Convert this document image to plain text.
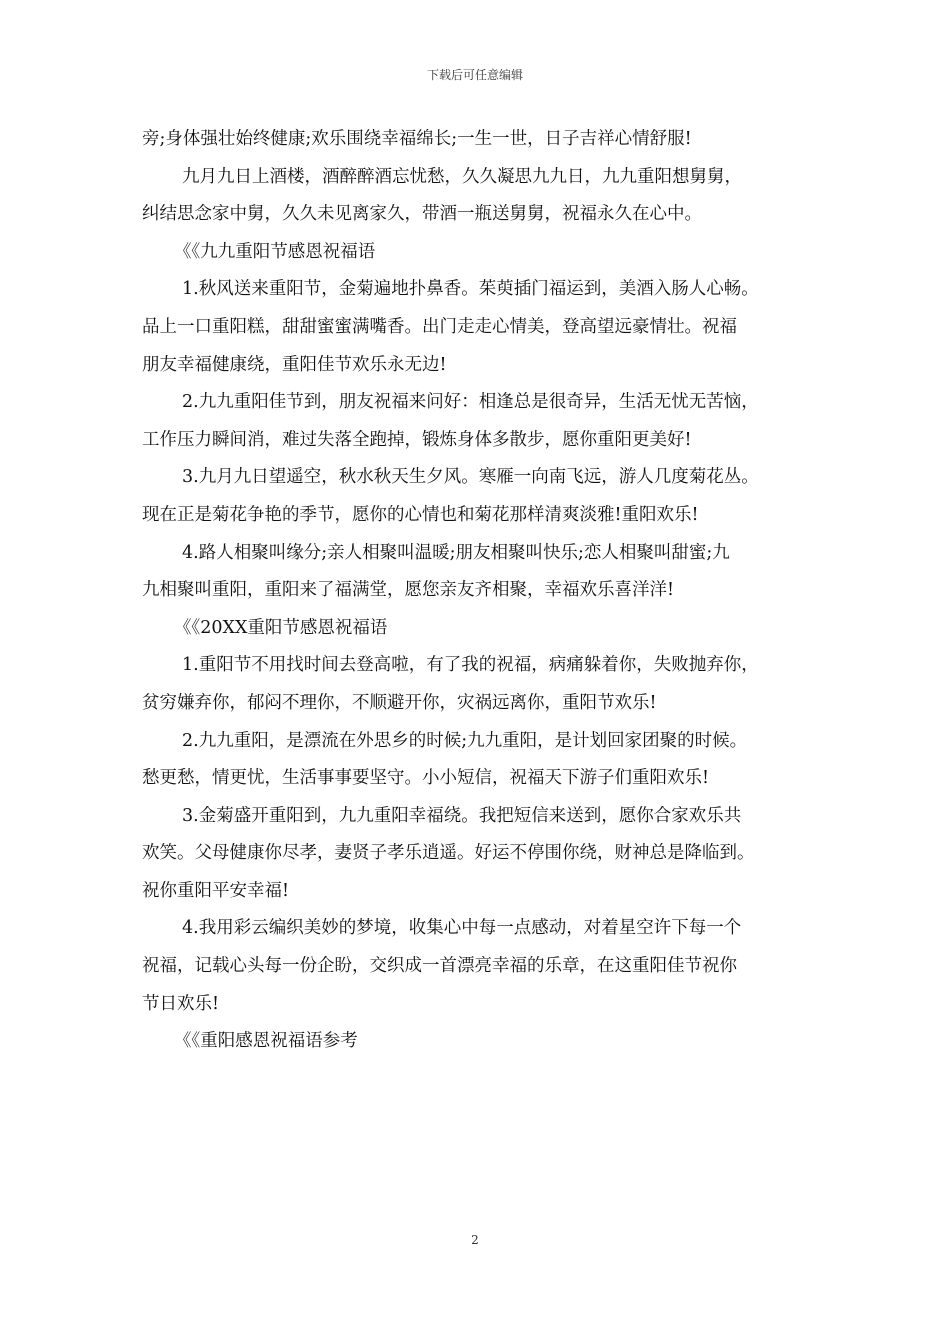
下载后可任意编辑
旁;身体强壮始终健康;欢乐围绕幸福绵长;一生一世，日子吉祥心情舒服!
九月九日上酒楼，酒醉醉酒忘忧愁，久久凝思九九日，九九重阳想舅舅，
纠结思念家中舅，久久未见离家久，带酒一瓶送舅舅，祝福永久在心中。
《《九九重阳节感恩祝福语
1.秋风送来重阳节，金菊遍地扑鼻香。茱萸插门福运到，美酒入肠人心畅。
品上一口重阳糕，甜甜蜜蜜满嘴香。出门走走心情美，登高望远豪情壮。祝福
朋友幸福健康绕，重阳佳节欢乐永无边!
2.九九重阳佳节到，朋友祝福来问好：相逢总是很奇异，生活无忧无苦恼，
工作压力瞬间消，难过失落全跑掉，锻炼身体多散步，愿你重阳更美好!
3.九月九日望遥空，秋水秋天生夕风。寒雁一向南飞远，游人几度菊花丛。
现在正是菊花争艳的季节，愿你的心情也和菊花那样清爽淡雅!重阳欢乐!
4.路人相聚叫缘分;亲人相聚叫温暖;朋友相聚叫快乐;恋人相聚叫甜蜜;九
九相聚叫重阳，重阳来了福满堂，愿您亲友齐相聚，幸福欢乐喜洋洋!
《《20XX重阳节感恩祝福语
1.重阳节不用找时间去登高啦，有了我的祝福，病痛躲着你，失败抛弃你，
贫穷嫌弃你，郁闷不理你，不顺避开你，灾祸远离你，重阳节欢乐!
2.九九重阳，是漂流在外思乡的时候;九九重阳，是计划回家团聚的时候。
愁更愁，情更忧，生活事事要坚守。小小短信，祝福天下游子们重阳欢乐!
3.金菊盛开重阳到，九九重阳幸福绕。我把短信来送到，愿你合家欢乐共
欢笑。父母健康你尽孝，妻贤子孝乐逍遥。好运不停围你绕，财神总是降临到。
祝你重阳平安幸福!
4.我用彩云编织美妙的梦境，收集心中每一点感动，对着星空许下每一个
祝福，记载心头每一份企盼，交织成一首漂亮幸福的乐章，在这重阳佳节祝你
节日欢乐!
《《重阳感恩祝福语参考
2
